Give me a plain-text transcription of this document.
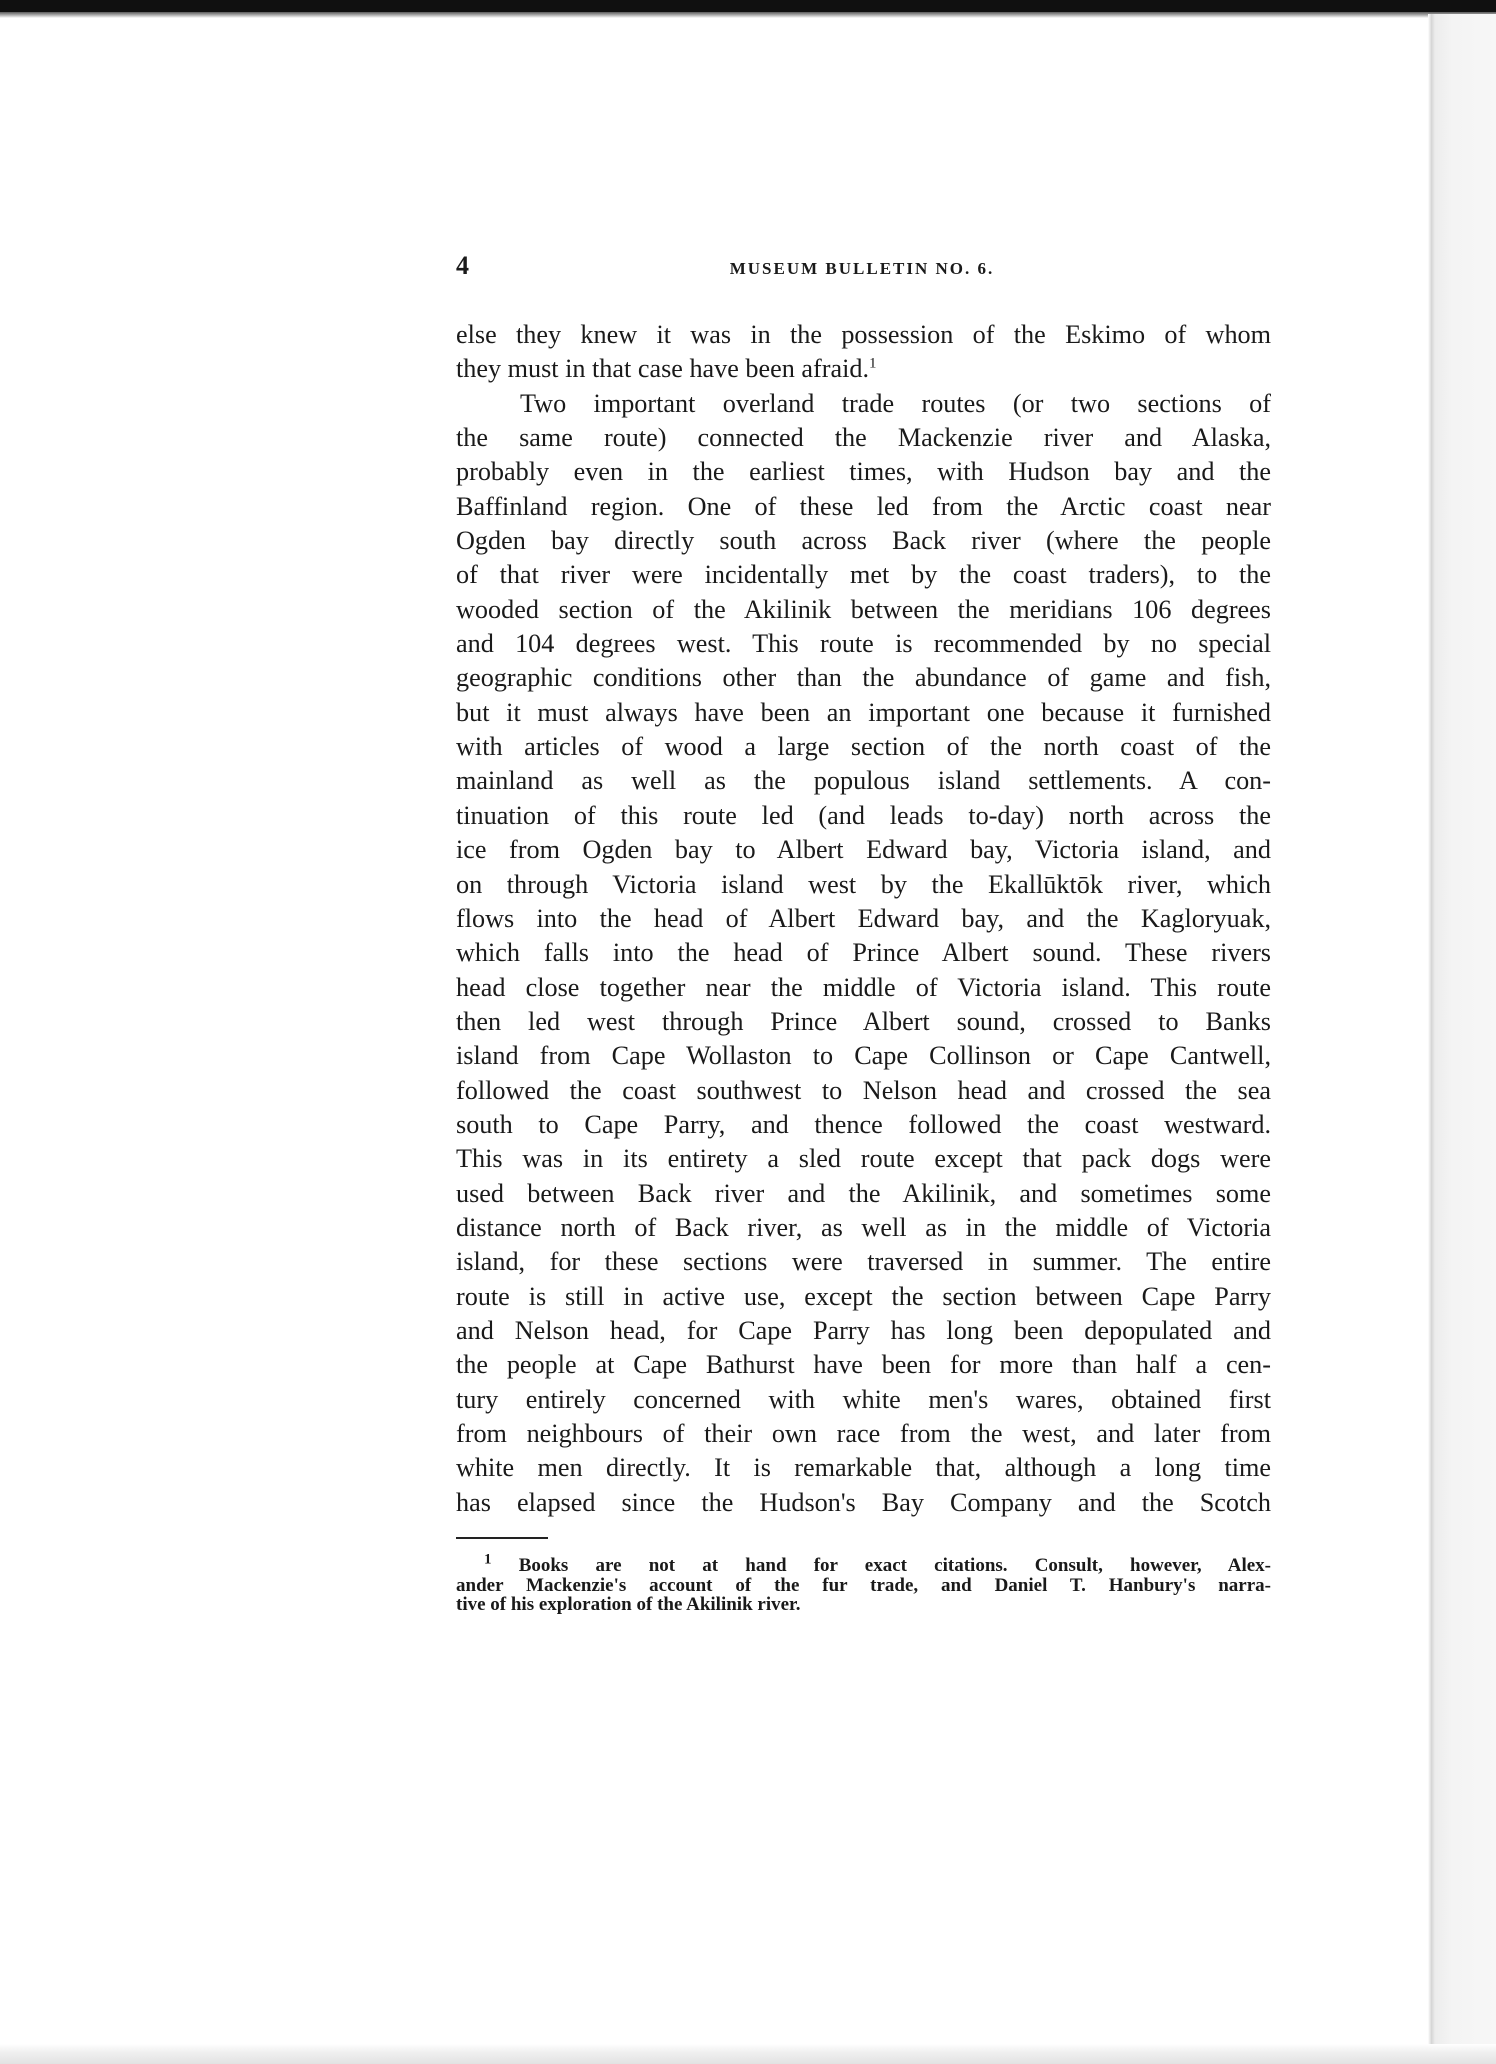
4	MUSEUM BULLETIN NO. 6.
else they knew it was in the possession of the Eskimo of whom
they must in that case have been afraid.$^1$
Two important overland trade routes (or two sections of
the same route) connected the Mackenzie river and Alaska,
probably even in the earliest times, with Hudson bay and the
Baffinland region. One of these led from the Arctic coast near
Ogden bay directly south across Back river (where the people
of that river were incidentally met by the coast traders), to the
wooded section of the Akilinik between the meridians 106 degrees
and 104 degrees west. This route is recommended by no special
geographic conditions other than the abundance of game and fish,
but it must always have been an important one because it furnished
with articles of wood a large section of the north coast of the
mainland as well as the populous island settlements. A con-
tinuation of this route led (and leads to-day) north across the
ice from Ogden bay to Albert Edward bay, Victoria island, and
on through Victoria island west by the Ekallūktōk river, which
flows into the head of Albert Edward bay, and the Kagloryuak,
which falls into the head of Prince Albert sound. These rivers
head close together near the middle of Victoria island. This route
then led west through Prince Albert sound, crossed to Banks
island from Cape Wollaston to Cape Collinson or Cape Cantwell,
followed the coast southwest to Nelson head and crossed the sea
south to Cape Parry, and thence followed the coast westward.
This was in its entirety a sled route except that pack dogs were
used between Back river and the Akilinik, and sometimes some
distance north of Back river, as well as in the middle of Victoria
island, for these sections were traversed in summer. The entire
route is still in active use, except the section between Cape Parry
and Nelson head, for Cape Parry has long been depopulated and
the people at Cape Bathurst have been for more than half a cen-
tury entirely concerned with white men's wares, obtained first
from neighbours of their own race from the west, and later from
white men directly. It is remarkable that, although a long time
has elapsed since the Hudson's Bay Company and the Scotch
$^1$ Books are not at hand for exact citations. Consult, however, Alex-
ander Mackenzie's account of the fur trade, and Daniel T. Hanbury's narra-
tive of his exploration of the Akilinik river.
